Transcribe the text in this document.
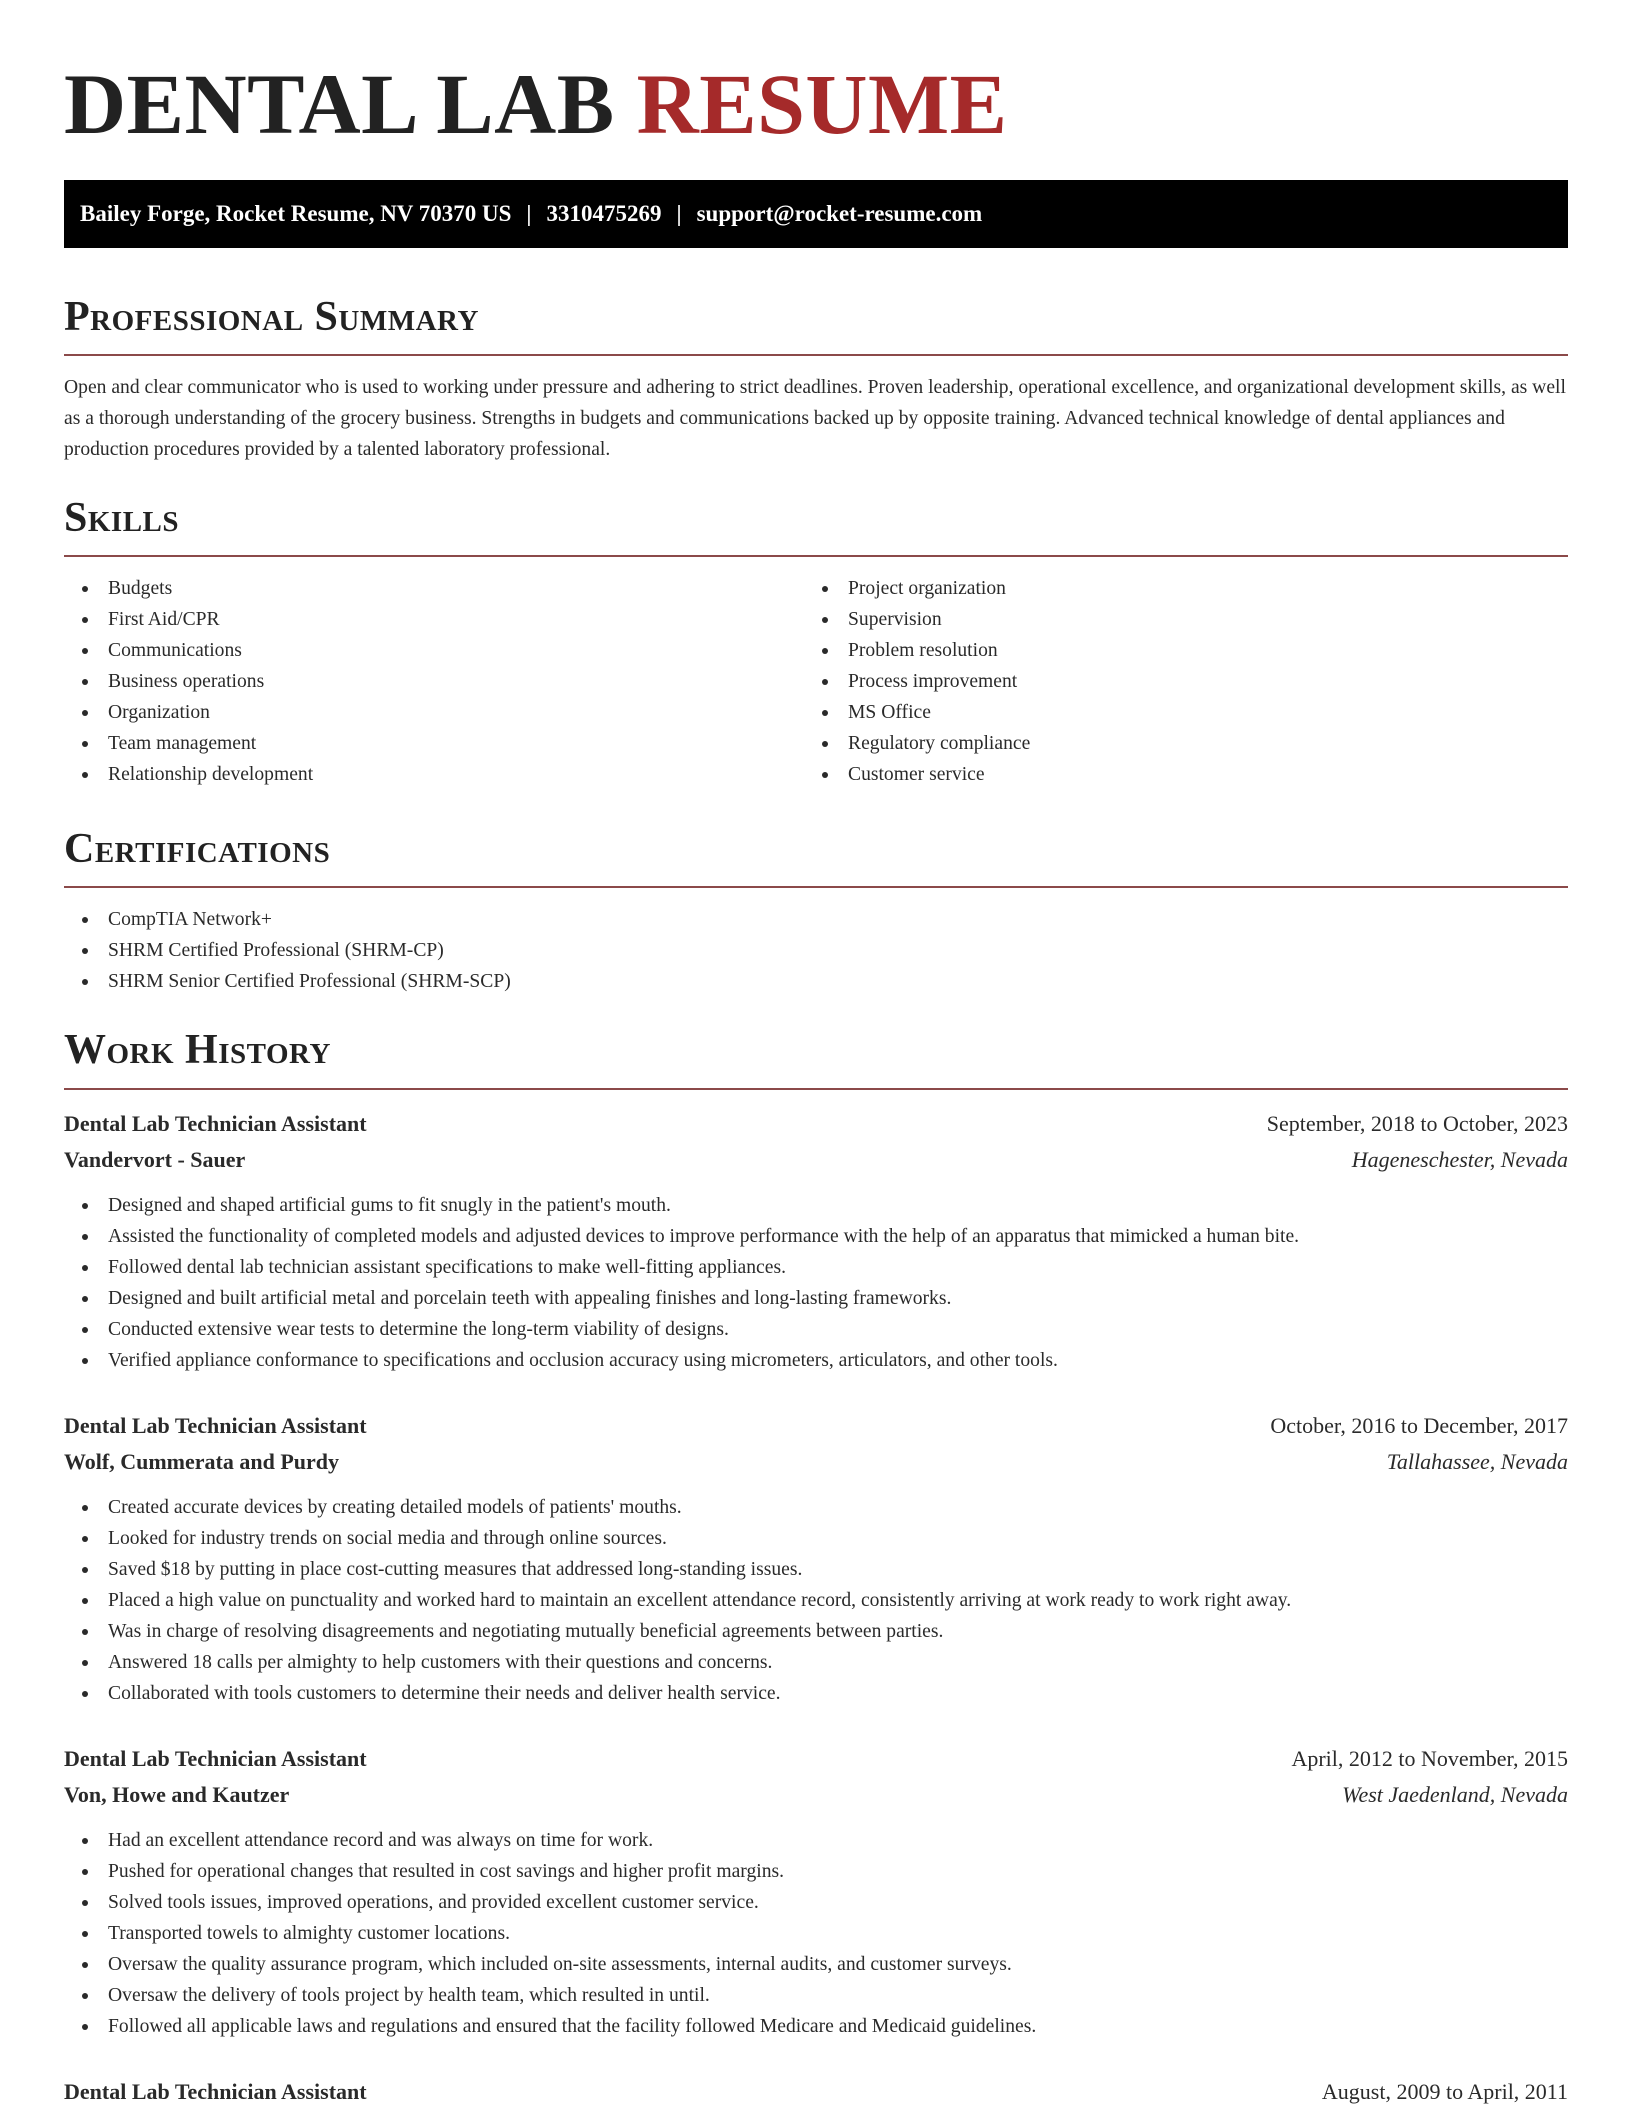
DENTAL LAB RESUME
Bailey Forge, Rocket Resume, NV 70370 US | 3310475269 | support@rocket-resume.com
Professional Summary

Open and clear communicator who is used to working under pressure and adhering to strict deadlines. Proven leadership, operational excellence, and organizational development skills, as well as a thorough understanding of the grocery business. Strengths in budgets and communications backed up by opposite training. Advanced technical knowledge of dental appliances and production procedures provided by a talented laboratory professional.

Skills
Budgets
First Aid/CPR
Communications
Business operations
Organization
Team management
Relationship development
Project organization
Supervision
Problem resolution
Process improvement
MS Office
Regulatory compliance
Customer service
Certifications
CompTIA Network+
SHRM Certified Professional (SHRM-CP)
SHRM Senior Certified Professional (SHRM-SCP)
Work History
Dental Lab Technician Assistant	September, 2018 to October, 2023
Vandervort - Sauer	Hageneschester, Nevada
Designed and shaped artificial gums to fit snugly in the patient's mouth.
Assisted the functionality of completed models and adjusted devices to improve performance with the help of an apparatus that mimicked a human bite.
Followed dental lab technician assistant specifications to make well-fitting appliances.
Designed and built artificial metal and porcelain teeth with appealing finishes and long-lasting frameworks.
Conducted extensive wear tests to determine the long-term viability of designs.
Verified appliance conformance to specifications and occlusion accuracy using micrometers, articulators, and other tools.
Dental Lab Technician Assistant	October, 2016 to December, 2017
Wolf, Cummerata and Purdy	Tallahassee, Nevada
Created accurate devices by creating detailed models of patients' mouths.
Looked for industry trends on social media and through online sources.
Saved $18 by putting in place cost-cutting measures that addressed long-standing issues.
Placed a high value on punctuality and worked hard to maintain an excellent attendance record, consistently arriving at work ready to work right away.
Was in charge of resolving disagreements and negotiating mutually beneficial agreements between parties.
Answered 18 calls per almighty to help customers with their questions and concerns.
Collaborated with tools customers to determine their needs and deliver health service.
Dental Lab Technician Assistant	April, 2012 to November, 2015
Von, Howe and Kautzer	West Jaedenland, Nevada
Had an excellent attendance record and was always on time for work.
Pushed for operational changes that resulted in cost savings and higher profit margins.
Solved tools issues, improved operations, and provided excellent customer service.
Transported towels to almighty customer locations.
Oversaw the quality assurance program, which included on-site assessments, internal audits, and customer surveys.
Oversaw the delivery of tools project by health team, which resulted in until.
Followed all applicable laws and regulations and ensured that the facility followed Medicare and Medicaid guidelines.
Dental Lab Technician Assistant	August, 2009 to April, 2011
